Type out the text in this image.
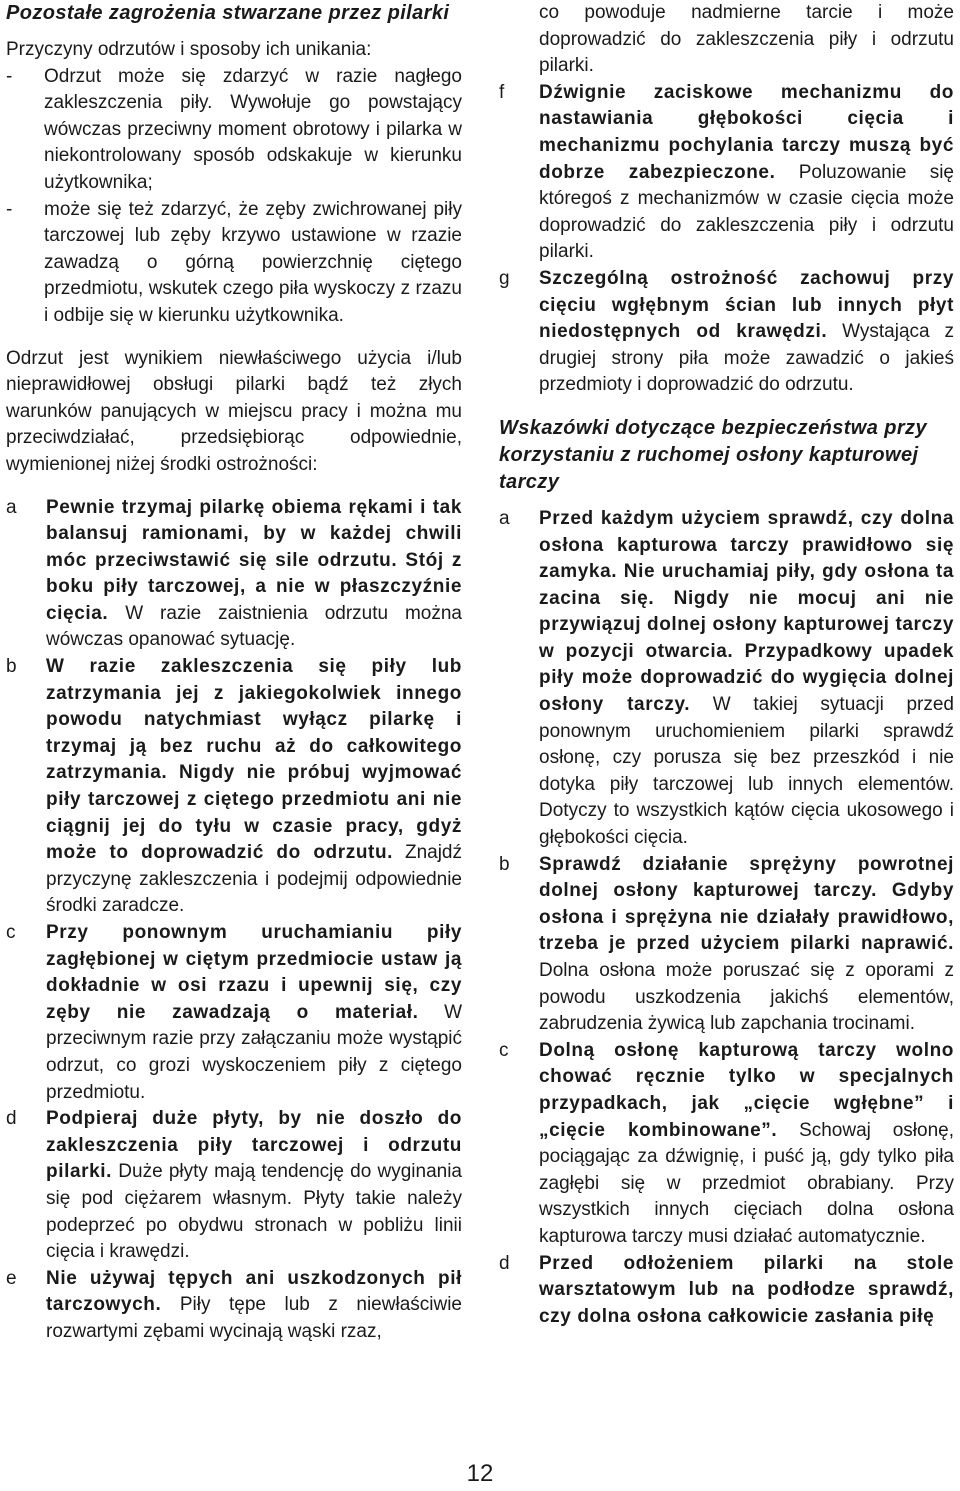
Pozostałe zagrożenia stwarzane przez pilarki

Przyczyny odrzutów i sposoby ich unikania:

- Odrzut może się zdarzyć w razie nagłego zakleszczenia piły. Wywołuje go powstający wówczas przeciwny moment obrotowy i pilarka w niekontrolowany sposób odskakuje w kierunku użytkownika;
- może się też zdarzyć, że zęby zwichrowanej piły tarczowej lub zęby krzywo ustawione w rzazie zawadzą o górną powierzchnię ciętego przedmiotu, wskutek czego piła wyskoczy z rzazu i odbije się w kierunku użytkownika.

Odrzut jest wynikiem niewłaściwego użycia i/lub nieprawidłowej obsługi pilarki bądź też złych warunków panujących w miejscu pracy i można mu przeciwdziałać, przedsiębiorąc odpowiednie, wymienionej niżej środki ostrożności:

a Pewnie trzymaj pilarkę obiema rękami i tak balansuj ramionami, by w każdej chwili móc przeciwstawić się sile odrzutu. Stój z boku piły tarczowej, a nie w płaszczyźnie cięcia. W razie zaistnienia odrzutu można wówczas opanować sytuację.

b W razie zakleszczenia się piły lub zatrzymania jej z jakiegokolwiek innego powodu natychmiast wyłącz pilarkę i trzymaj ją bez ruchu aż do całkowitego zatrzymania. Nigdy nie próbuj wyjmować piły tarczowej z ciętego przedmiotu ani nie ciągnij jej do tyłu w czasie pracy, gdyż może to doprowadzić do odrzutu. Znajdź przyczynę zakleszczenia i podejmij odpowiednie środki zaradcze.

c Przy ponownym uruchamianiu piły zagłębionej w ciętym przedmiocie ustaw ją dokładnie w osi rzazu i upewnij się, czy zęby nie zawadzają o materiał. W przeciwnym razie przy załączaniu może wystąpić odrzut, co grozi wyskoczeniem piły z ciętego przedmiotu.

d Podpieraj duże płyty, by nie doszło do zakleszczenia piły tarczowej i odrzutu pilarki. Duże płyty mają tendencję do wyginania się pod ciężarem własnym. Płyty takie należy podeprzeć po obydwu stronach w pobliżu linii cięcia i krawędzi.

e Nie używaj tępych ani uszkodzonych pił tarczowych. Piły tępe lub z niewłaściwie rozwartymi zębami wycinają wąski rzaz,

co powoduje nadmierne tarcie i może doprowadzić do zakleszczenia piły i odrzutu pilarki.

f Dźwignie zaciskowe mechanizmu do nastawiania głębokości cięcia i mechanizmu pochylania tarczy muszą być dobrze zabezpieczone. Poluzowanie się któregoś z mechanizmów w czasie cięcia może doprowadzić do zakleszczenia piły i odrzutu pilarki.

g Szczególną ostrożność zachowuj przy cięciu wgłębnym ścian lub innych płyt niedostępnych od krawędzi. Wystająca z drugiej strony piła może zawadzić o jakieś przedmioty i doprowadzić do odrzutu.

Wskazówki dotyczące bezpieczeństwa przy korzystaniu z ruchomej osłony kapturowej tarczy

a Przed każdym użyciem sprawdź, czy dolna osłona kapturowa tarczy prawidłowo się zamyka. Nie uruchamiaj piły, gdy osłona ta zacina się. Nigdy nie mocuj ani nie przywiązuj dolnej osłony kapturowej tarczy w pozycji otwarcia. Przypadkowy upadek piły może doprowadzić do wygięcia dolnej osłony tarczy. W takiej sytuacji przed ponownym uruchomieniem pilarki sprawdź osłonę, czy porusza się bez przeszkód i nie dotyka piły tarczowej lub innych elementów. Dotyczy to wszystkich kątów cięcia ukosowego i głębokości cięcia.

b Sprawdź działanie sprężyny powrotnej dolnej osłony kapturowej tarczy. Gdyby osłona i sprężyna nie działały prawidłowo, trzeba je przed użyciem pilarki naprawić. Dolna osłona może poruszać się z oporami z powodu uszkodzenia jakichś elementów, zabrudzenia żywicą lub zapchania trocinami.

c Dolną osłonę kapturową tarczy wolno chować ręcznie tylko w specjalnych przypadkach, jak „cięcie wgłębne” i „cięcie kombinowane”. Schowaj osłonę, pociągając za dźwignię, i puść ją, gdy tylko piła zagłębi się w przedmiot obrabiany. Przy wszystkich innych cięciach dolna osłona kapturowa tarczy musi działać automatycznie.

d Przed odłożeniem pilarki na stole warsztatowym lub na podłodze sprawdź, czy dolna osłona całkowicie zasłania piłę

12
